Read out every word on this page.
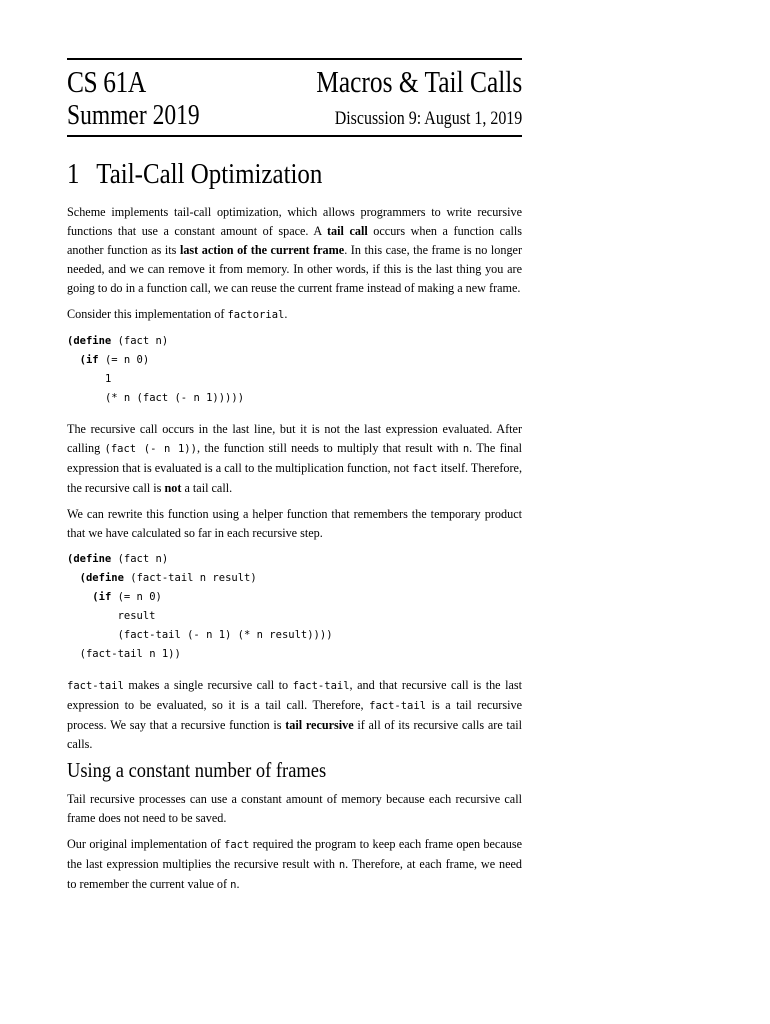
CS 61A	Macros & Tail Calls
Summer 2019	Discussion 9: August 1, 2019
1 Tail-Call Optimization

Scheme implements tail-call optimization, which allows programmers to write recursive functions that use a constant amount of space. A tail call occurs when a function calls another function as its last action of the current frame. In this case, the frame is no longer needed, and we can remove it from memory. In other words, if this is the last thing you are going to do in a function call, we can reuse the current frame instead of making a new frame.

Consider this implementation of factorial.

(define (fact n)
(if (= n 0)
1
(* n (fact (- n 1)))))

The recursive call occurs in the last line, but it is not the last expression evaluated. After calling (fact (- n 1)), the function still needs to multiply that result with n. The final expression that is evaluated is a call to the multiplication function, not fact itself. Therefore, the recursive call is not a tail call.

We can rewrite this function using a helper function that remembers the temporary product that we have calculated so far in each recursive step.

(define (fact n)
(define (fact-tail n result)
(if (= n 0)
result
(fact-tail (- n 1) (* n result))))
(fact-tail n 1))

fact-tail makes a single recursive call to fact-tail, and that recursive call is the last expression to be evaluated, so it is a tail call. Therefore, fact-tail is a tail recursive process. We say that a recursive function is tail recursive if all of its recursive calls are tail calls.

Using a constant number of frames

Tail recursive processes can use a constant amount of memory because each recursive call frame does not need to be saved.

Our original implementation of fact required the program to keep each frame open because the last expression multiplies the recursive result with n. Therefore, at each frame, we need to remember the current value of n.
